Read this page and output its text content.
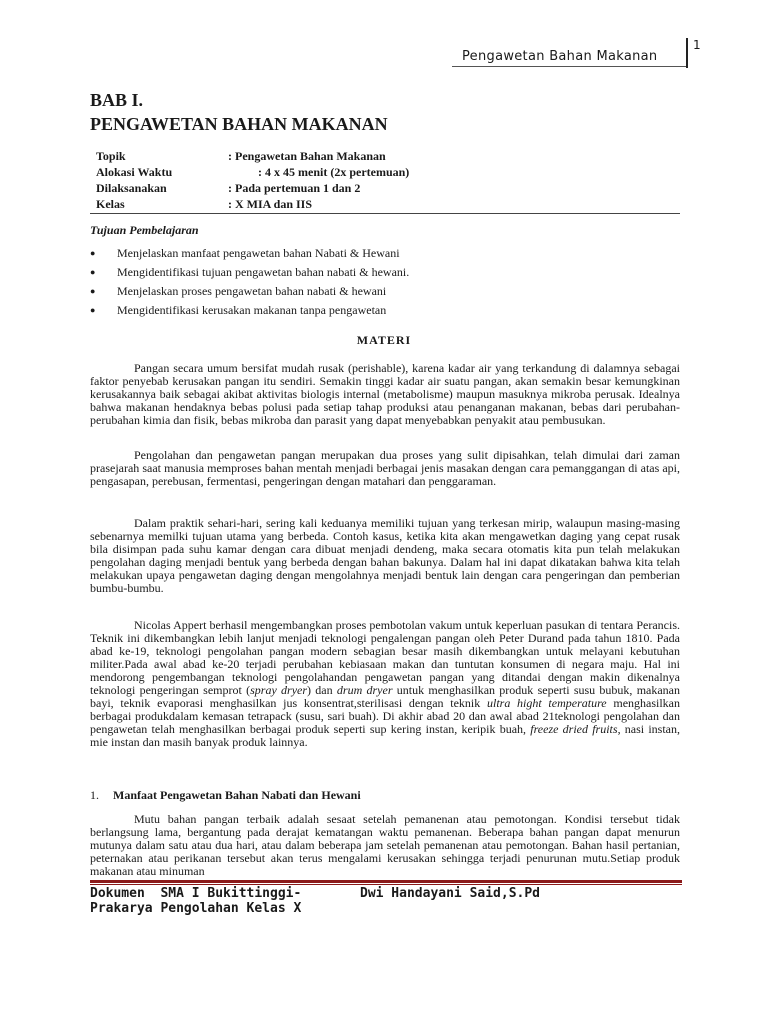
1
Pengawetan Bahan Makanan
BAB I.
PENGAWETAN BAHAN MAKANAN
Topik	: Pengawetan Bahan Makanan
Alokasi Waktu	: 4 x 45 menit (2x pertemuan)
Dilaksanakan	: Pada pertemuan 1 dan 2
Kelas	: X MIA dan IIS
Tujuan Pembelajaran
● Menjelaskan manfaat pengawetan bahan Nabati & Hewani
● Mengidentifikasi tujuan pengawetan bahan nabati & hewani.
● Menjelaskan proses pengawetan bahan nabati & hewani
● Mengidentifikasi kerusakan makanan tanpa pengawetan
MATERI

Pangan secara umum bersifat mudah rusak (perishable), karena kadar air yang terkandung di dalamnya sebagai faktor penyebab kerusakan pangan itu sendiri. Semakin tinggi kadar air suatu pangan, akan semakin besar kemungkinan kerusakannya baik sebagai akibat aktivitas biologis internal (metabolisme) maupun masuknya mikroba perusak. Idealnya bahwa makanan hendaknya bebas polusi pada setiap tahap produksi atau penanganan makanan, bebas dari perubahan-perubahan kimia dan fisik, bebas mikroba dan parasit yang dapat menyebabkan penyakit atau pembusukan.

Pengolahan dan pengawetan pangan merupakan dua proses yang sulit dipisahkan, telah dimulai dari zaman prasejarah saat manusia memproses bahan mentah menjadi berbagai jenis masakan dengan cara pemanggangan di atas api, pengasapan, perebusan, fermentasi, pengeringan dengan matahari dan penggaraman.

Dalam praktik sehari-hari, sering kali keduanya memiliki tujuan yang terkesan mirip, walaupun masing-masing sebenarnya memilki tujuan utama yang berbeda. Contoh kasus, ketika kita akan mengawetkan daging yang cepat rusak bila disimpan pada suhu kamar dengan cara dibuat menjadi dendeng, maka secara otomatis kita pun telah melakukan pengolahan daging menjadi bentuk yang berbeda dengan bahan bakunya. Dalam hal ini dapat dikatakan bahwa kita telah melakukan upaya pengawetan daging dengan mengolahnya menjadi bentuk lain dengan cara pengeringan dan pemberian bumbu-bumbu.

Nicolas Appert berhasil mengembangkan proses pembotolan vakum untuk keperluan pasukan di tentara Perancis. Teknik ini dikembangkan lebih lanjut menjadi teknologi pengalengan pangan oleh Peter Durand pada tahun 1810. Pada abad ke-19, teknologi pengolahan pangan modern sebagian besar masih dikembangkan untuk melayani kebutuhan militer.Pada awal abad ke-20 terjadi perubahan kebiasaan makan dan tuntutan konsumen di negara maju. Hal ini mendorong pengembangan teknologi pengolahandan pengawetan pangan yang ditandai dengan makin dikenalnya teknologi pengeringan semprot (spray dryer) dan drum dryer untuk menghasilkan produk seperti susu bubuk, makanan bayi, teknik evaporasi menghasilkan jus konsentrat,sterilisasi dengan teknik ultra hight temperature menghasilkan berbagai produkdalam kemasan tetrapack (susu, sari buah). Di akhir abad 20 dan awal abad 21teknologi pengolahan dan pengawetan telah menghasilkan berbagai produk seperti sup kering instan, keripik buah, freeze dried fruits, nasi instan, mie instan dan masih banyak produk lainnya.

1. Manfaat Pengawetan Bahan Nabati dan Hewani

Mutu bahan pangan terbaik adalah sesaat setelah pemanenan atau pemotongan. Kondisi tersebut tidak berlangsung lama, bergantung pada derajat kematangan waktu pemanenan. Beberapa bahan pangan dapat menurun mutunya dalam satu atau dua hari, atau dalam beberapa jam setelah pemanenan atau pemotongan. Bahan hasil pertanian, peternakan atau perikanan tersebut akan terus mengalami kerusakan sehingga terjadi penurunan mutu.Setiap produk makanan atau minuman

Dokumen  SMA I Bukittinggi-
Prakarya Pengolahan Kelas X
Dwi Handayani Said,S.Pd
